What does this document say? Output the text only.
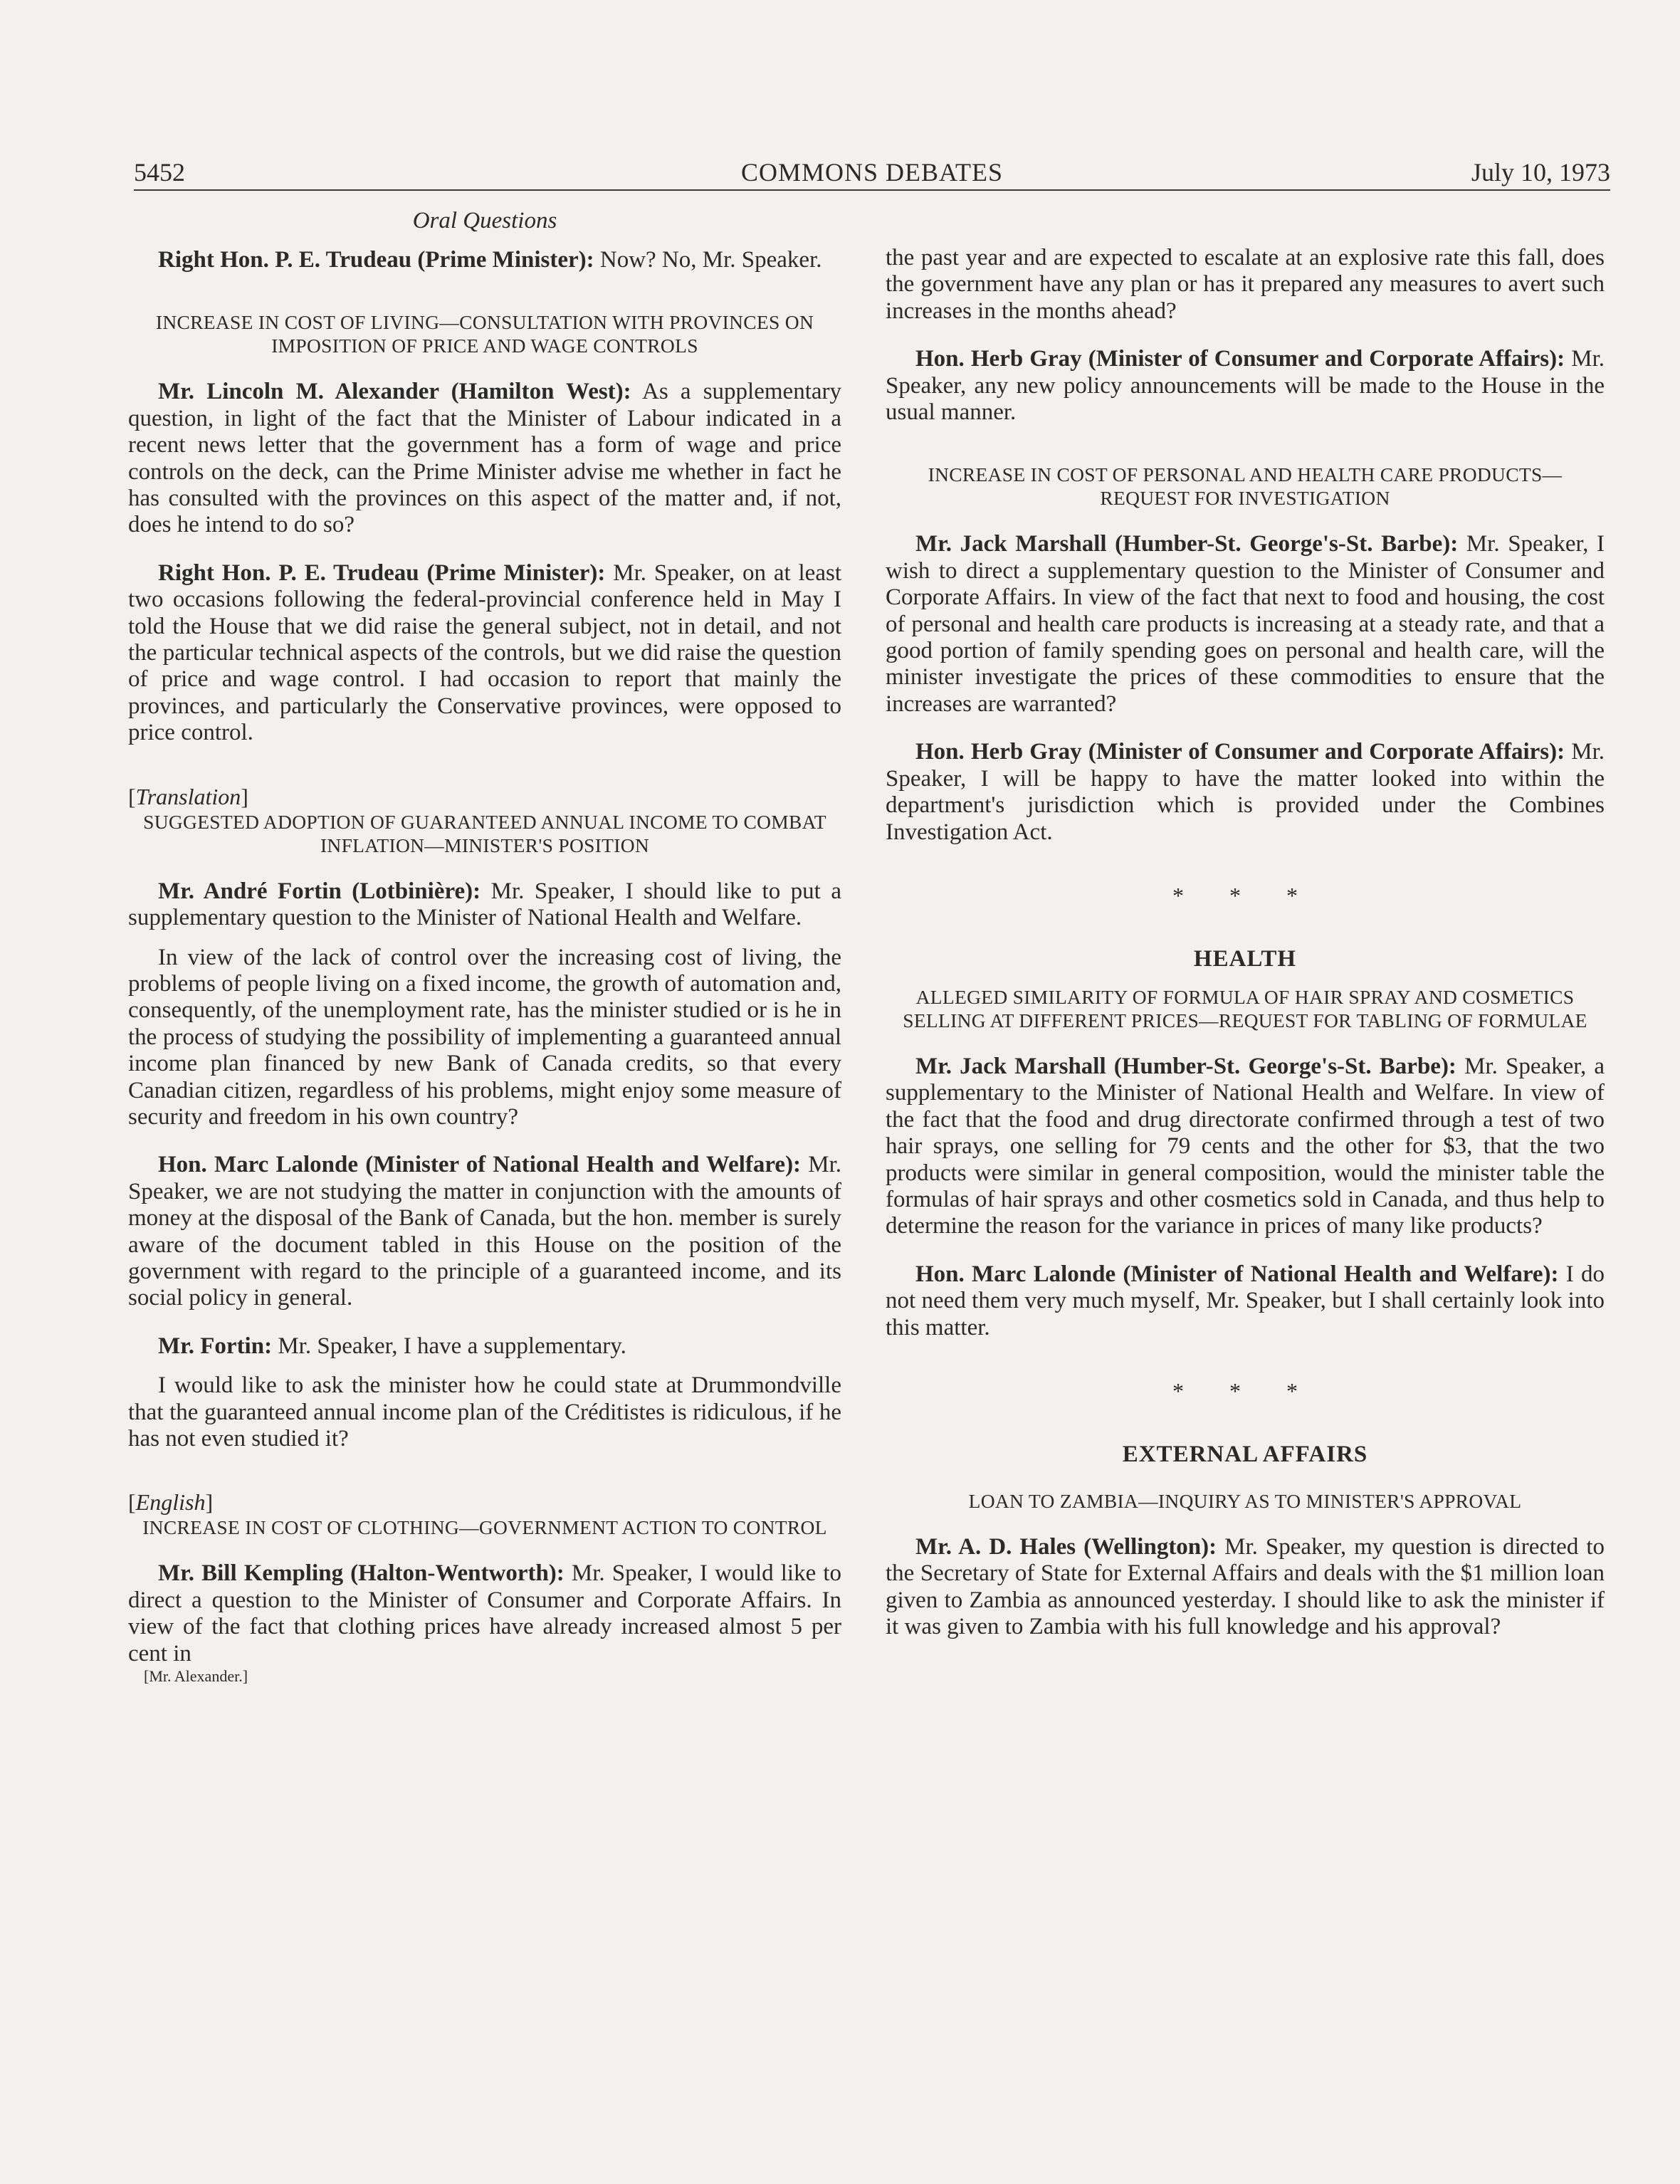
5452	COMMONS DEBATES	July 10, 1973

Oral Questions

Right Hon. P. E. Trudeau (Prime Minister): Now? No, Mr. Speaker.

INCREASE IN COST OF LIVING—CONSULTATION WITH PROVINCES ON IMPOSITION OF PRICE AND WAGE CONTROLS

Mr. Lincoln M. Alexander (Hamilton West): As a supplementary question, in light of the fact that the Minister of Labour indicated in a recent news letter that the government has a form of wage and price controls on the deck, can the Prime Minister advise me whether in fact he has consulted with the provinces on this aspect of the matter and, if not, does he intend to do so?

Right Hon. P. E. Trudeau (Prime Minister): Mr. Speaker, on at least two occasions following the federal-provincial conference held in May I told the House that we did raise the general subject, not in detail, and not the particular technical aspects of the controls, but we did raise the question of price and wage control. I had occasion to report that mainly the provinces, and particularly the Conservative provinces, were opposed to price control.

[Translation]

SUGGESTED ADOPTION OF GUARANTEED ANNUAL INCOME TO COMBAT INFLATION—MINISTER'S POSITION

Mr. André Fortin (Lotbinière): Mr. Speaker, I should like to put a supplementary question to the Minister of National Health and Welfare.

In view of the lack of control over the increasing cost of living, the problems of people living on a fixed income, the growth of automation and, consequently, of the unemployment rate, has the minister studied or is he in the process of studying the possibility of implementing a guaranteed annual income plan financed by new Bank of Canada credits, so that every Canadian citizen, regardless of his problems, might enjoy some measure of security and freedom in his own country?

Hon. Marc Lalonde (Minister of National Health and Welfare): Mr. Speaker, we are not studying the matter in conjunction with the amounts of money at the disposal of the Bank of Canada, but the hon. member is surely aware of the document tabled in this House on the position of the government with regard to the principle of a guaranteed income, and its social policy in general.

Mr. Fortin: Mr. Speaker, I have a supplementary.

I would like to ask the minister how he could state at Drummondville that the guaranteed annual income plan of the Créditistes is ridiculous, if he has not even studied it?

[English]

INCREASE IN COST OF CLOTHING—GOVERNMENT ACTION TO CONTROL

Mr. Bill Kempling (Halton-Wentworth): Mr. Speaker, I would like to direct a question to the Minister of Consumer and Corporate Affairs. In view of the fact that clothing prices have already increased almost 5 per cent in

[Mr. Alexander.]

the past year and are expected to escalate at an explosive rate this fall, does the government have any plan or has it prepared any measures to avert such increases in the months ahead?

Hon. Herb Gray (Minister of Consumer and Corporate Affairs): Mr. Speaker, any new policy announcements will be made to the House in the usual manner.

INCREASE IN COST OF PERSONAL AND HEALTH CARE PRODUCTS—REQUEST FOR INVESTIGATION

Mr. Jack Marshall (Humber-St. George's-St. Barbe): Mr. Speaker, I wish to direct a supplementary question to the Minister of Consumer and Corporate Affairs. In view of the fact that next to food and housing, the cost of personal and health care products is increasing at a steady rate, and that a good portion of family spending goes on personal and health care, will the minister investigate the prices of these commodities to ensure that the increases are warranted?

Hon. Herb Gray (Minister of Consumer and Corporate Affairs): Mr. Speaker, I will be happy to have the matter looked into within the department's jurisdiction which is provided under the Combines Investigation Act.

* * *

HEALTH

ALLEGED SIMILARITY OF FORMULA OF HAIR SPRAY AND COSMETICS SELLING AT DIFFERENT PRICES—REQUEST FOR TABLING OF FORMULAE

Mr. Jack Marshall (Humber-St. George's-St. Barbe): Mr. Speaker, a supplementary to the Minister of National Health and Welfare. In view of the fact that the food and drug directorate confirmed through a test of two hair sprays, one selling for 79 cents and the other for $3, that the two products were similar in general composition, would the minister table the formulas of hair sprays and other cosmetics sold in Canada, and thus help to determine the reason for the variance in prices of many like products?

Hon. Marc Lalonde (Minister of National Health and Welfare): I do not need them very much myself, Mr. Speaker, but I shall certainly look into this matter.

* * *

EXTERNAL AFFAIRS

LOAN TO ZAMBIA—INQUIRY AS TO MINISTER'S APPROVAL

Mr. A. D. Hales (Wellington): Mr. Speaker, my question is directed to the Secretary of State for External Affairs and deals with the $1 million loan given to Zambia as announced yesterday. I should like to ask the minister if it was given to Zambia with his full knowledge and his approval?
